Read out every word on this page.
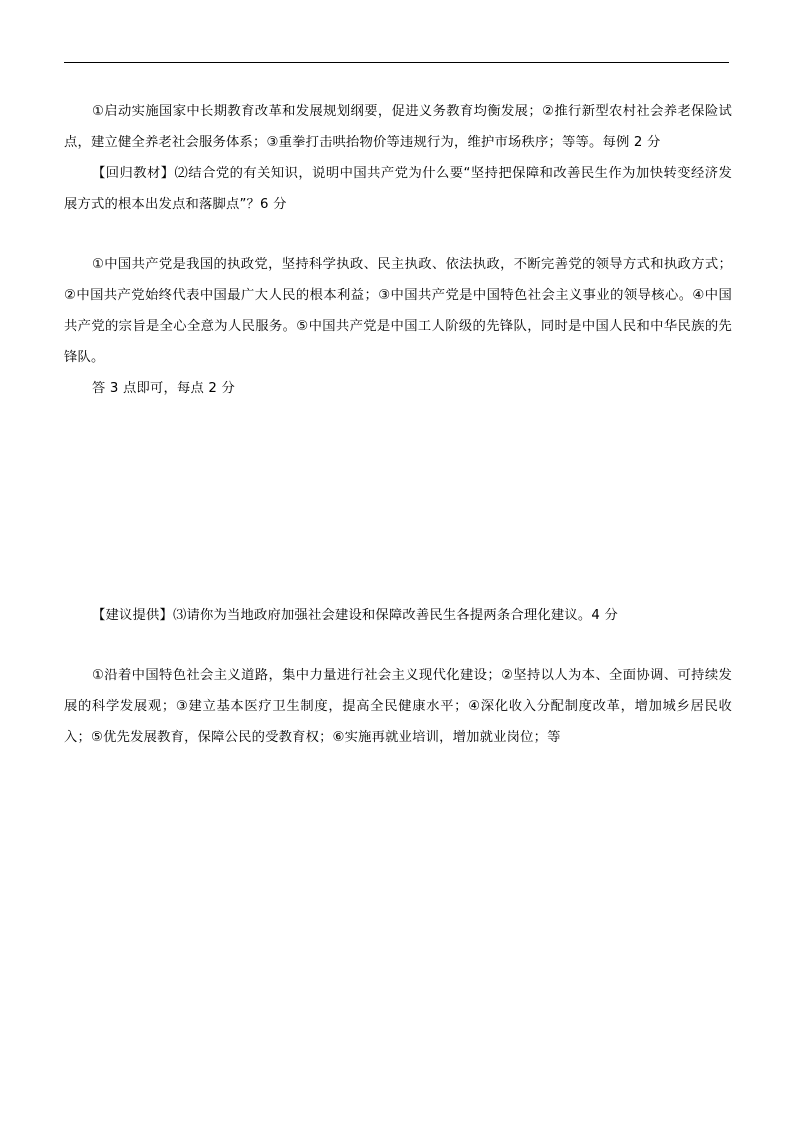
①启动实施国家中长期教育改革和发展规划纲要，促进义务教育均衡发展；②推行新型农村社会养老保险试点，建立健全养老社会服务体系；③重拳打击哄抬物价等违规行为，维护市场秩序；等等。每例 2 分

【回归教材】⑵结合党的有关知识，说明中国共产党为什么要“坚持把保障和改善民生作为加快转变经济发展方式的根本出发点和落脚点”？6 分

①中国共产党是我国的执政党，坚持科学执政、民主执政、依法执政，不断完善党的领导方式和执政方式；②中国共产党始终代表中国最广大人民的根本利益；③中国共产党是中国特色社会主义事业的领导核心。④中国共产党的宗旨是全心全意为人民服务。⑤中国共产党是中国工人阶级的先锋队，同时是中国人民和中华民族的先锋队。

答 3 点即可，每点 2 分

【建议提供】⑶请你为当地政府加强社会建设和保障改善民生各提两条合理化建议。4 分

①沿着中国特色社会主义道路，集中力量进行社会主义现代化建设；②坚持以人为本、全面协调、可持续发展的科学发展观；③建立基本医疗卫生制度，提高全民健康水平；④深化收入分配制度改革，增加城乡居民收入；⑤优先发展教育，保障公民的受教育权；⑥实施再就业培训，增加就业岗位；等
